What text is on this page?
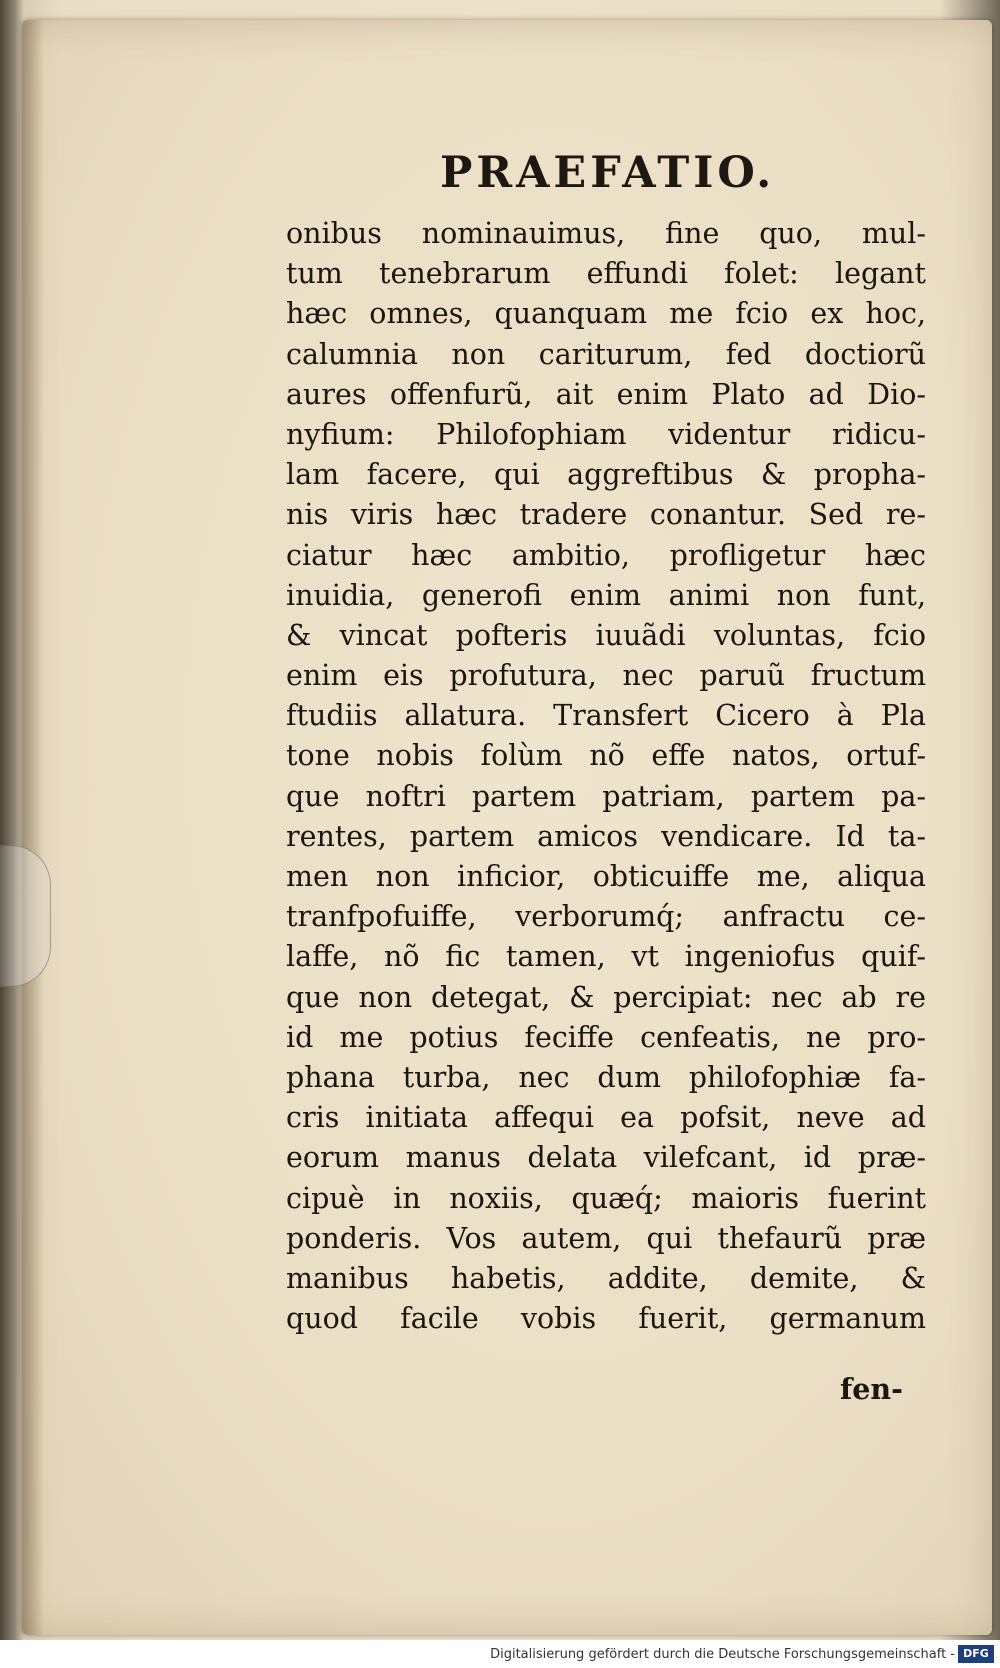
PRAEFATIO.
onibus nominauimus, fine quo, mul-
tum tenebrarum effundi folet: legant
hæc omnes, quanquam me fcio ex hoc,
calumnia non cariturum, fed doctiorũ
aures offenfurũ, ait enim Plato ad Dio-
nyfium: Philofophiam videntur ridicu-
lam facere, qui aggreftibus & propha-
nis viris hæc tradere conantur. Sed re-
ciatur hæc ambitio, profligetur hæc
inuidia, generofi enim animi non funt,
& vincat pofteris iuuãdi voluntas, fcio
enim eis profutura, nec paruũ fructum
ftudiis allatura. Transfert Cicero à Pla
tone nobis folùm nõ effe natos, ortuf-
que noftri partem patriam, partem pa-
rentes, partem amicos vendicare. Id ta-
men non inficior, obticuiffe me, aliqua
tranfpofuiffe, verborumq́; anfractu ce-
laffe, nõ fic tamen, vt ingeniofus quif-
que non detegat, & percipiat: nec ab re
id me potius feciffe cenfeatis, ne pro-
phana turba, nec dum philofophiæ fa-
cris initiata affequi ea pofsit, neve ad
eorum manus delata vilefcant, id præ-
cipuè in noxiis, quæq́; maioris fuerint
ponderis. Vos autem, qui thefaurũ præ
manibus habetis, addite, demite, &
quod facile vobis fuerit, germanum
fen-
Digitalisierung gefördert durch die Deutsche Forschungsgemeinschaft - DFG
